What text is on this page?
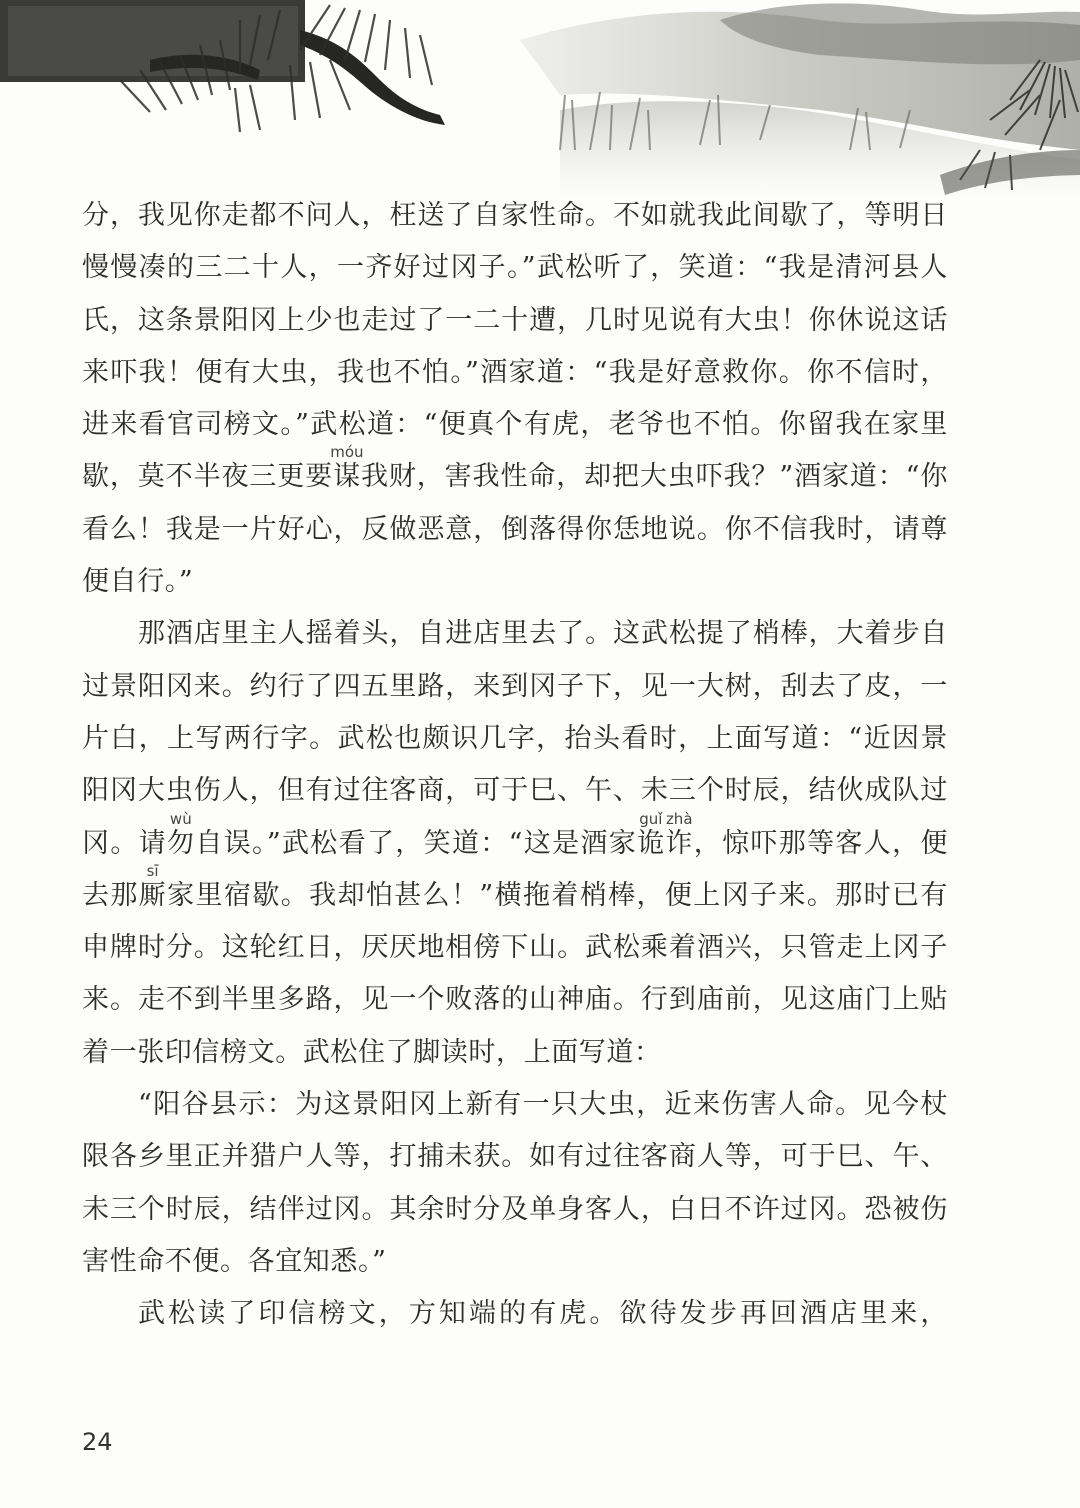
分，我见你走都不问人，枉送了自家性命。不如就我此间歇了，等明日慢慢凑的三二十人，一齐好过冈子。”武松听了，笑道：“我是清河县人氏，这条景阳冈上少也走过了一二十遭，几时见说有大虫！你休说这话来吓我！便有大虫，我也不怕。”酒家道：“我是好意救你。你不信时，进来看官司榜文。”武松道：“便真个有虎，老爷也不怕。你留我在家里歇，莫不半夜三更要谋móu我财，害我性命，却把大虫吓我？”酒家道：“你看么！我是一片好心，反做恶意，倒落得你恁地说。你不信我时，请尊便自行。”

那酒店里主人摇着头，自进店里去了。这武松提了梢棒，大着步自过景阳冈来。约行了四五里路，来到冈子下，见一大树，刮去了皮，一片白，上写两行字。武松也颇识几字，抬头看时，上面写道：“近因景阳冈大虫伤人，但有过往客商，可于巳、午、未三个时辰，结伙成队过冈。请勿wù自误。”武松看了，笑道：“这是酒家诡guǐ诈zhà，惊吓那等客人，便去那厮sī家里宿歇。我却怕甚么！”横拖着梢棒，便上冈子来。那时已有申牌时分。这轮红日，厌厌地相傍下山。武松乘着酒兴，只管走上冈子来。走不到半里多路，见一个败落的山神庙。行到庙前，见这庙门上贴着一张印信榜文。武松住了脚读时，上面写道：

“阳谷县示：为这景阳冈上新有一只大虫，近来伤害人命。见今杖限各乡里正并猎户人等，打捕未获。如有过往客商人等，可于巳、午、未三个时辰，结伴过冈。其余时分及单身客人，白日不许过冈。恐被伤害性命不便。各宜知悉。”

武松读了印信榜文，方知端的有虎。欲待发步再回酒店里来，

24
